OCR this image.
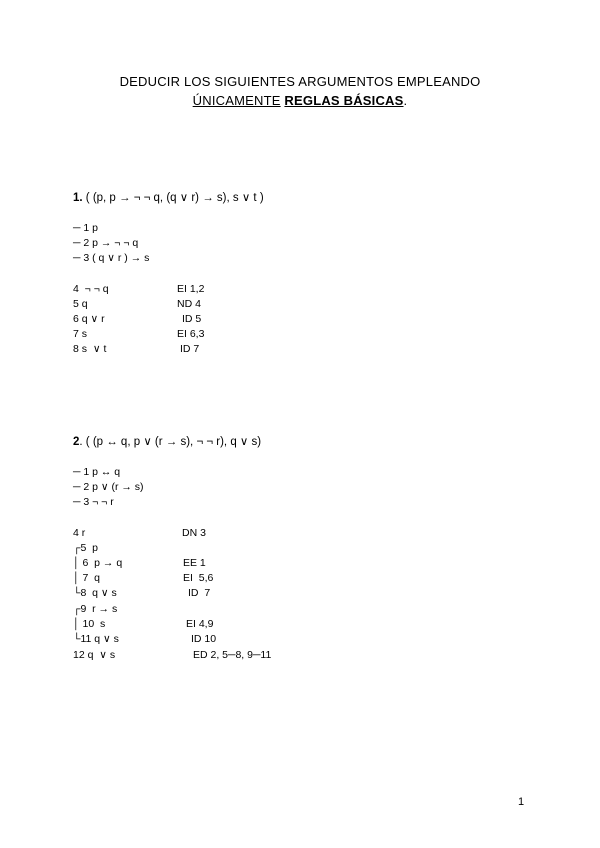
DEDUCIR LOS SIGUIENTES ARGUMENTOS EMPLEANDO
ÚNICAMENTE REGLAS BÁSICAS.
1. ( (p, p → ¬ ¬ q, (q ∨ r) → s), s ∨ t )
─ 1 p
─ 2 p → ¬ ¬ q
─ 3 ( q ∨ r ) → s
4  ¬ ¬ q	EI 1,2
5 q	ND 4
6 q ∨ r	ID 5
7 s	EI 6,3
8 s  ∨ t	ID 7
2. ( (p ↔ q, p ∨ (r → s), ¬ ¬ r), q ∨ s)
─ 1 p ↔ q
─ 2 p ∨ (r → s)
─ 3 ¬ ¬ r
4 r	DN 3
┌5  p
│ 6  p → q	EE 1
│ 7  q	EI  5,6
└8  q ∨ s	ID  7
┌9  r → s
│ 10  s	EI 4,9
└11 q ∨ s	ID 10
12 q  ∨ s	ED 2, 5─8, 9─11
1
